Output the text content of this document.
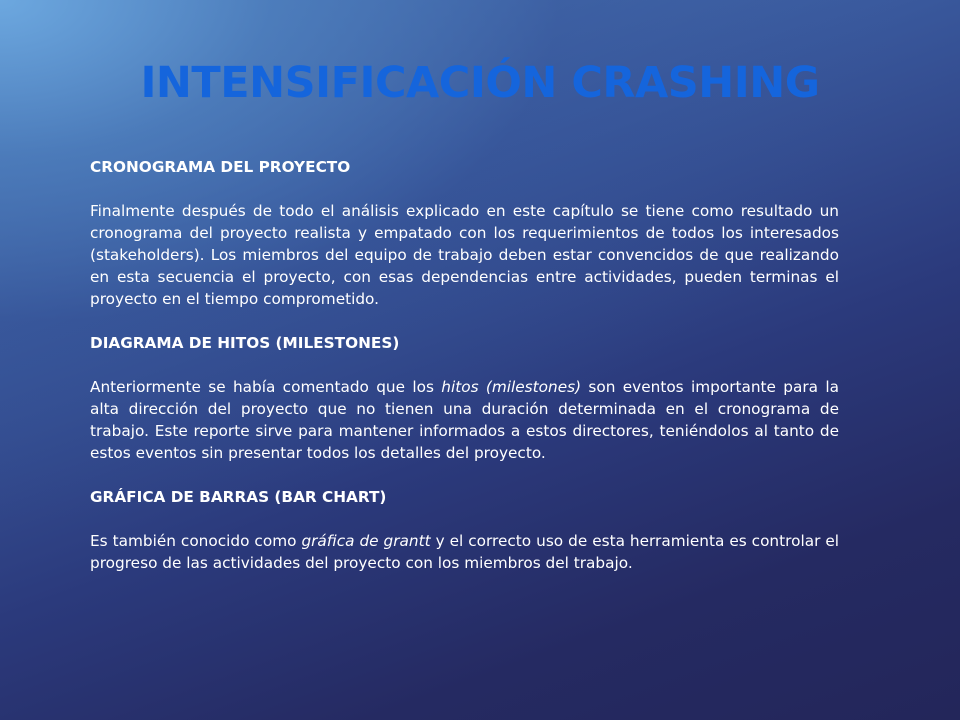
INTENSIFICACIÓN CRASHING

CRONOGRAMA DEL PROYECTO

Finalmente después de todo el análisis explicado en este capítulo se tiene como resultado un cronograma del proyecto realista y empatado con los requerimientos de todos los interesados (stakeholders). Los miembros del equipo de trabajo deben estar convencidos de que realizando en esta secuencia el proyecto, con esas dependencias entre actividades, pueden terminas el proyecto en el tiempo comprometido.

DIAGRAMA DE HITOS (MILESTONES)

Anteriormente se había comentado que los hitos (milestones) son eventos importante para la alta dirección del proyecto que no tienen una duración determinada en el cronograma de trabajo. Este reporte sirve para mantener informados a estos directores, teniéndolos al tanto de estos eventos sin presentar todos los detalles del proyecto.

GRÁFICA DE BARRAS (BAR CHART)

Es también conocido como gráfica de grantt y el correcto uso de esta herramienta es controlar el progreso de las actividades del proyecto con los miembros del trabajo.
